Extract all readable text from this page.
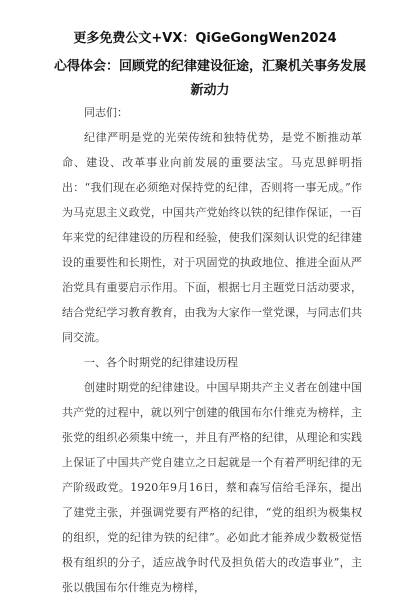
更多免费公文+VX：QiGeGongWen2024
心得体会：回顾党的纪律建设征途，汇聚机关事务发展新动力

同志们：

纪律严明是党的光荣传统和独特优势，是党不断推动革命、建设、改革事业向前发展的重要法宝。马克思鲜明指出：“我们现在必须绝对保持党的纪律，否则将一事无成。”作为马克思主义政党，中国共产党始终以铁的纪律作保证，一百年来党的纪律建设的历程和经验，使我们深刻认识党的纪律建设的重要性和长期性，对于巩固党的执政地位、推进全面从严治党具有重要启示作用。下面，根据七月主题党日活动要求，结合党纪学习教育教育，由我为大家作一堂党课，与同志们共同交流。

一、各个时期党的纪律建设历程

创建时期党的纪律建设。中国早期共产主义者在创建中国共产党的过程中，就以列宁创建的俄国布尔什维克为榜样，主张党的组织必须集中统一，并且有严格的纪律，从理论和实践上保证了中国共产党自建立之日起就是一个有着严明纪律的无产阶级政党。1920年9月16日，蔡和森写信给毛泽东，提出了建党主张，并强调党要有严格的纪律，“党的组织为极集权的组织，党的纪律为铁的纪律”。必如此才能养成少数极觉悟极有组织的分子，适应战争时代及担负偌大的改造事业”，主张以俄国布尔什维克为榜样，
